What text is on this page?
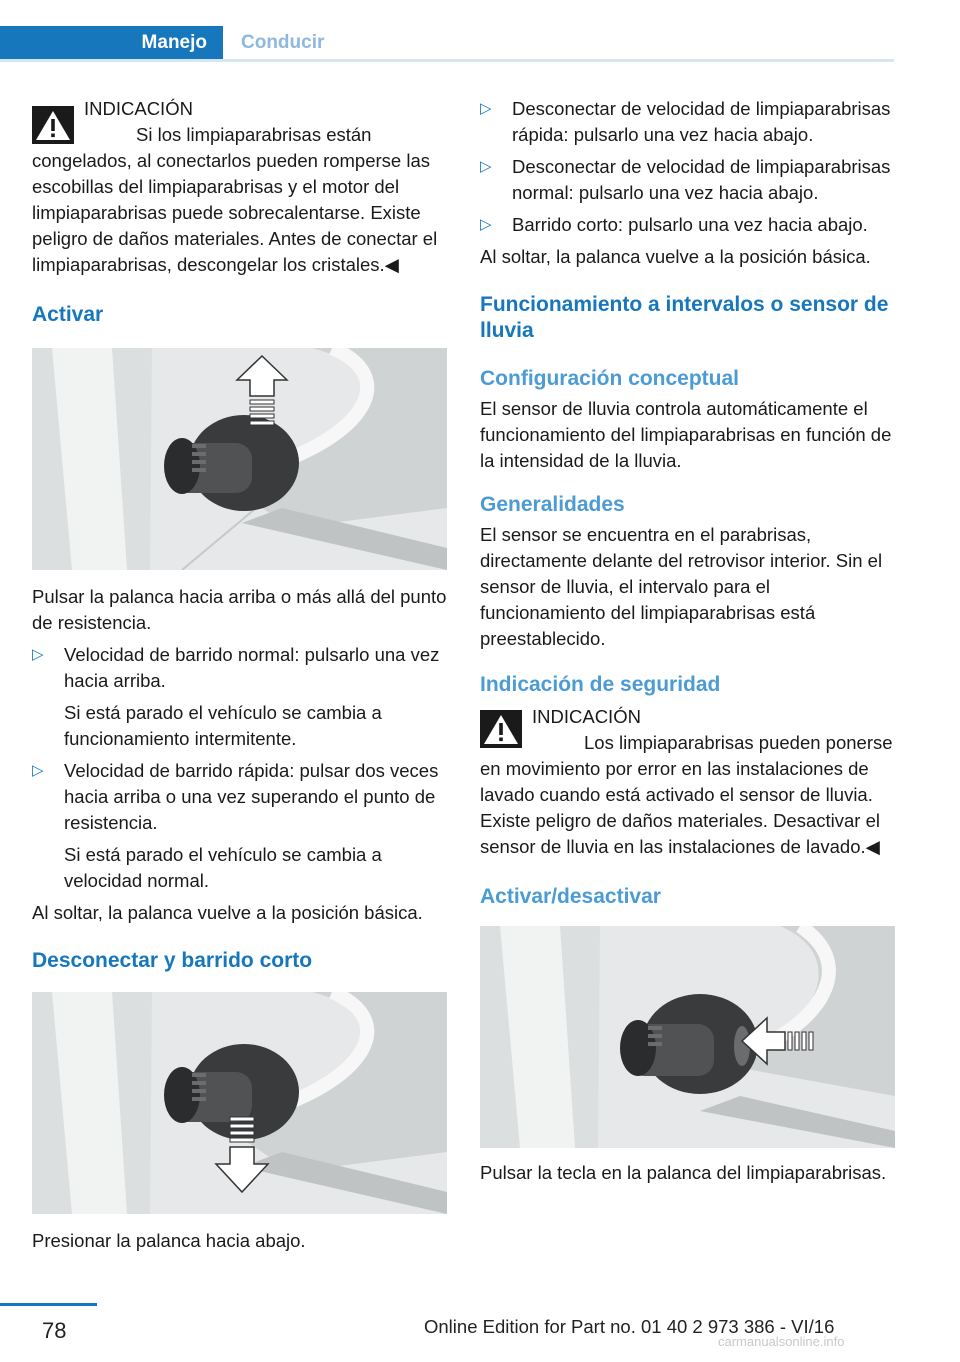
Manejo Conducir

INDICACIÓN

Si los limpiaparabrisas están congelados, al conectarlos pueden romperse las escobillas del limpiaparabrisas y el motor del limpiaparabrisas puede sobrecalentarse. Existe peligro de daños materiales. Antes de conectar el limpiaparabrisas, descongelar los cristales.◀

Activar

Pulsar la palanca hacia arriba o más allá del punto de resistencia.

▷ Velocidad de barrido normal: pulsarlo una vez hacia arriba.

Si está parado el vehículo se cambia a funcionamiento intermitente.

▷ Velocidad de barrido rápida: pulsar dos veces hacia arriba o una vez superando el punto de resistencia.

Si está parado el vehículo se cambia a velocidad normal.

Al soltar, la palanca vuelve a la posición básica.

Desconectar y barrido corto

Presionar la palanca hacia abajo.

▷ Desconectar de velocidad de limpiaparabrisas rápida: pulsarlo una vez hacia abajo.

▷ Desconectar de velocidad de limpiaparabrisas normal: pulsarlo una vez hacia abajo.

▷ Barrido corto: pulsarlo una vez hacia abajo.

Al soltar, la palanca vuelve a la posición básica.

Funcionamiento a intervalos o sensor de lluvia

Configuración conceptual

El sensor de lluvia controla automáticamente el funcionamiento del limpiaparabrisas en función de la intensidad de la lluvia.

Generalidades

El sensor se encuentra en el parabrisas, directamente delante del retrovisor interior. Sin el sensor de lluvia, el intervalo para el funcionamiento del limpiaparabrisas está preestablecido.

Indicación de seguridad

INDICACIÓN

Los limpiaparabrisas pueden ponerse en movimiento por error en las instalaciones de lavado cuando está activado el sensor de lluvia. Existe peligro de daños materiales. Desactivar el sensor de lluvia en las instalaciones de lavado.◀

Activar/desactivar

Pulsar la tecla en la palanca del limpiaparabrisas.

78	Online Edition for Part no. 01 40 2 973 386 - VI/16
carmanualsonline.info
